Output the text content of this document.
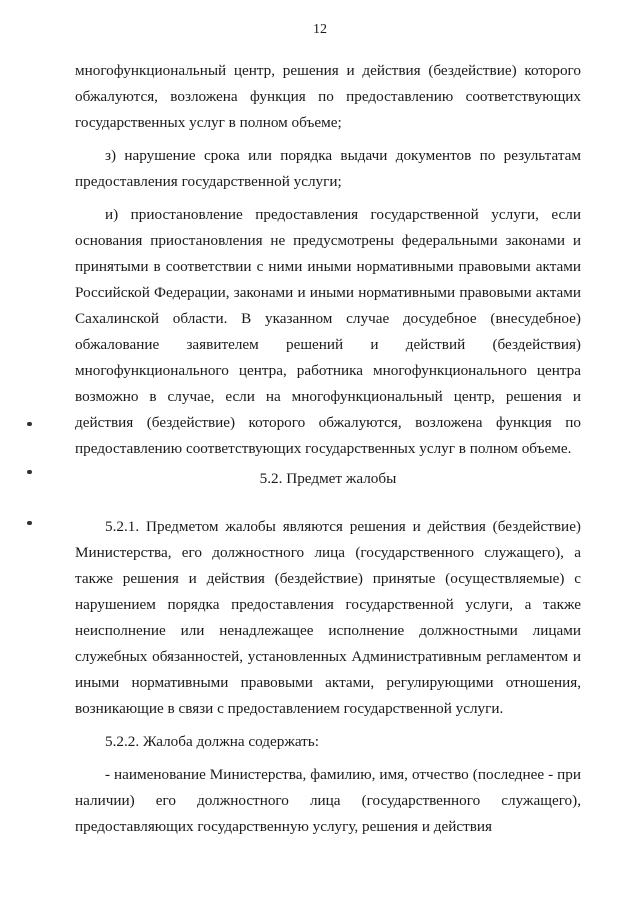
12

многофункциональный центр, решения и действия (бездействие) которого обжалуются, возложена функция по предоставлению соответствующих государственных услуг в полном объеме;

з) нарушение срока или порядка выдачи документов по результатам предоставления государственной услуги;

и) приостановление предоставления государственной услуги, если основания приостановления не предусмотрены федеральными законами и принятыми в соответствии с ними иными нормативными правовыми актами Российской Федерации, законами и иными нормативными правовыми актами Сахалинской области. В указанном случае досудебное (внесудебное) обжалование заявителем решений и действий (бездействия) многофункционального центра, работника многофункционального центра возможно в случае, если на многофункциональный центр, решения и действия (бездействие) которого обжалуются, возложена функция по предоставлению соответствующих государственных услуг в полном объеме.

5.2. Предмет жалобы

5.2.1. Предметом жалобы являются решения и действия (бездействие) Министерства, его должностного лица (государственного служащего), а также решения и действия (бездействие) принятые (осуществляемые) с нарушением порядка предоставления государственной услуги, а также неисполнение или ненадлежащее исполнение должностными лицами служебных обязанностей, установленных Административным регламентом и иными нормативными правовыми актами, регулирующими отношения, возникающие в связи с предоставлением государственной услуги.

5.2.2. Жалоба должна содержать:

- наименование Министерства, фамилию, имя, отчество (последнее - при наличии) его должностного лица (государственного служащего), предоставляющих государственную услугу, решения и действия
